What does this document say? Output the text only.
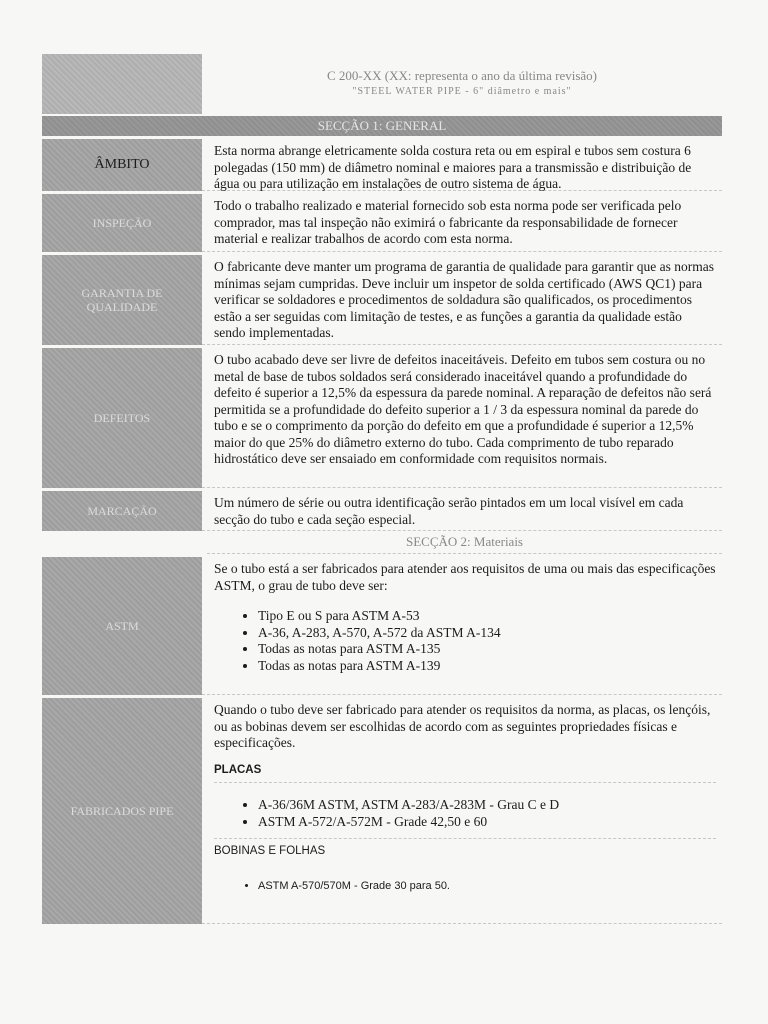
C 200-XX (XX: representa o ano da última revisão)
"STEEL WATER PIPE - 6" diâmetro e mais"
SECÇÃO 1: GENERAL
ÂMBITO
Esta norma abrange eletricamente solda costura reta ou em espiral e tubos sem costura 6 polegadas (150 mm) de diâmetro nominal e maiores para a transmissão e distribuição de água ou para utilização em instalações de outro sistema de água.
INSPEÇÃO
Todo o trabalho realizado e material fornecido sob esta norma pode ser verificada pelo comprador, mas tal inspeção não eximirá o fabricante da responsabilidade de fornecer material e realizar trabalhos de acordo com esta norma.
GARANTIA DE QUALIDADE
O fabricante deve manter um programa de garantia de qualidade para garantir que as normas mínimas sejam cumpridas. Deve incluir um inspetor de solda certificado (AWS QC1) para verificar se soldadores e procedimentos de soldadura são qualificados, os procedimentos estão a ser seguidas com limitação de testes, e as funções a garantia da qualidade estão sendo implementadas.
DEFEITOS
O tubo acabado deve ser livre de defeitos inaceitáveis. Defeito em tubos sem costura ou no metal de base de tubos soldados será considerado inaceitável quando a profundidade do defeito é superior a 12,5% da espessura da parede nominal. A reparação de defeitos não será permitida se a profundidade do defeito superior a 1 / 3 da espessura nominal da parede do tubo e se o comprimento da porção do defeito em que a profundidade é superior a 12,5% maior do que 25% do diâmetro externo do tubo. Cada comprimento de tubo reparado hidrostático deve ser ensaiado em conformidade com requisitos normais.
MARCAÇÃO
Um número de série ou outra identificação serão pintados em um local visível em cada secção do tubo e cada seção especial.
SECÇÃO 2: Materiais
ASTM
Se o tubo está a ser fabricados para atender aos requisitos de uma ou mais das especificações ASTM, o grau de tubo deve ser:
• Tipo E ou S para ASTM A-53
• A-36, A-283, A-570, A-572 da ASTM A-134
• Todas as notas para ASTM A-135
• Todas as notas para ASTM A-139
FABRICADOS PIPE
Quando o tubo deve ser fabricado para atender os requisitos da norma, as placas, os lençóis, ou as bobinas devem ser escolhidas de acordo com as seguintes propriedades físicas e especificações.
PLACAS
• A-36/36M ASTM, ASTM A-283/A-283M - Grau C e D
• ASTM A-572/A-572M - Grade 42,50 e 60
BOBINAS E FOLHAS
• ASTM A-570/570M - Grade 30 para 50.
